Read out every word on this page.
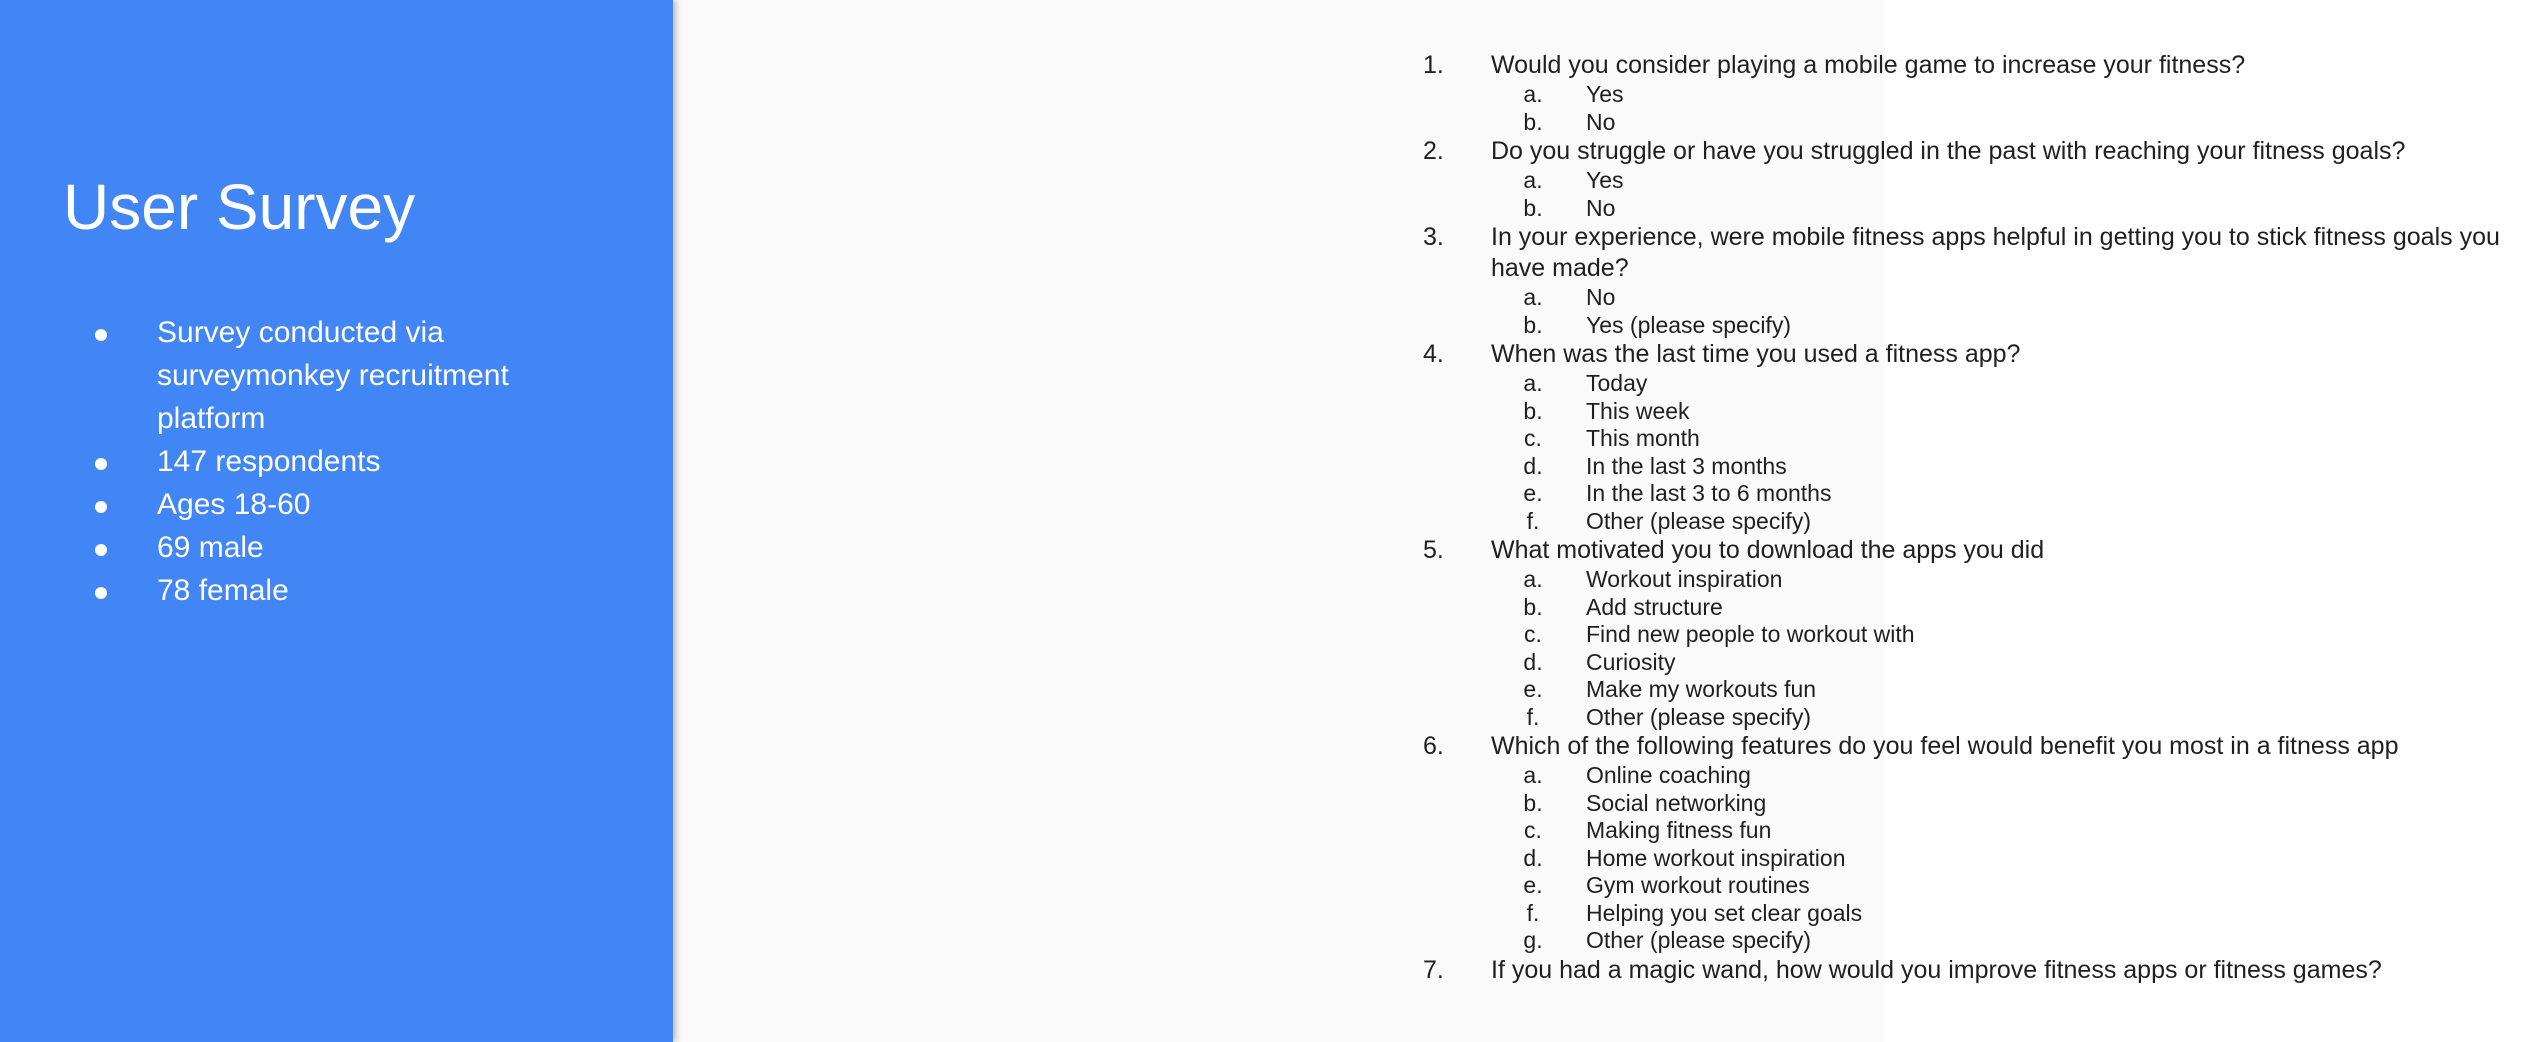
User Survey
Survey conducted via surveymonkey recruitment platform
147 respondents
Ages 18-60
69 male
78 female
1. Would you consider playing a mobile game to increase your fitness?
a. Yes
b. No
2. Do you struggle or have you struggled in the past with reaching your fitness goals?
a. Yes
b. No
3. In your experience, were mobile fitness apps helpful in getting you to stick fitness goals you have made?
a. No
b. Yes (please specify)
4. When was the last time you used a fitness app?
a. Today
b. This week
c. This month
d. In the last 3 months
e. In the last 3 to 6 months
f.	Other (please specify)
5. What motivated you to download the apps you did
a. Workout inspiration
b. Add structure
c. Find new people to workout with
d. Curiosity
e. Make my workouts fun
f.	Other (please specify)
6. Which of the following features do you feel would benefit you most in a fitness app
a. Online coaching
b. Social networking
c. Making fitness fun
d. Home workout inspiration
e. Gym workout routines
f.	Helping you set clear goals
g. Other (please specify)
7. If you had a magic wand, how would you improve fitness apps or fitness games?
